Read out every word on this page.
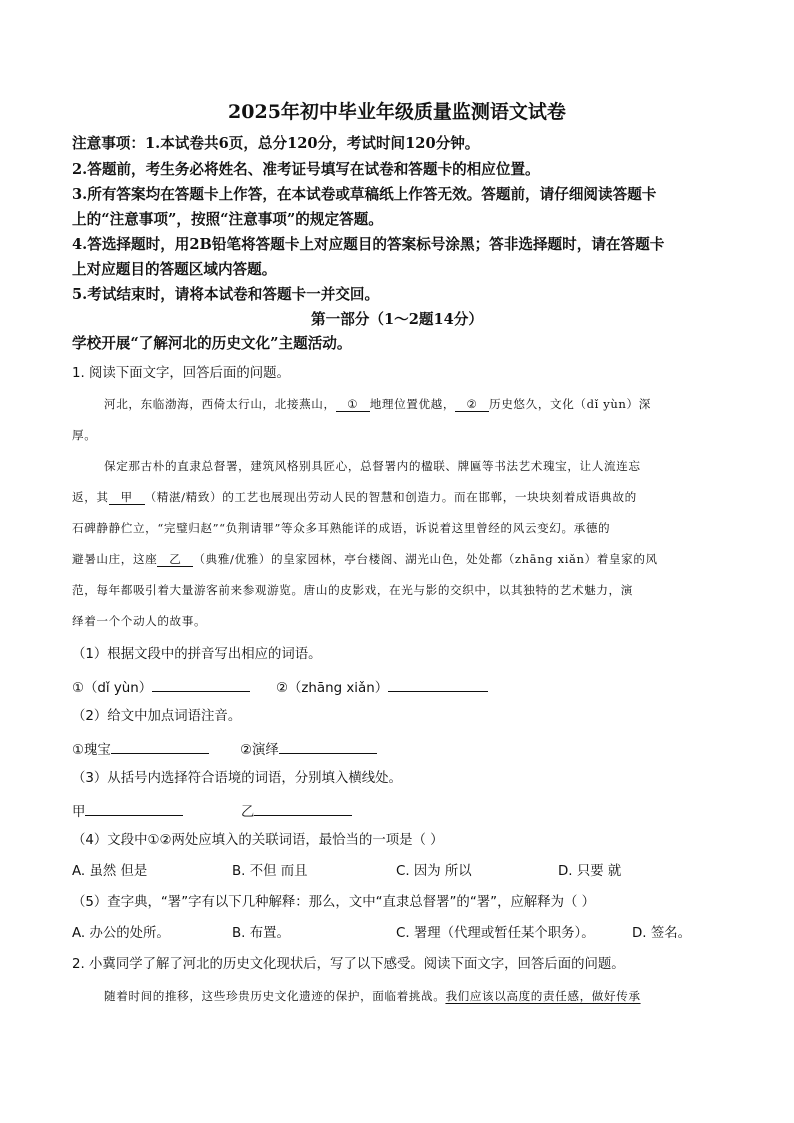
2025年初中毕业年级质量监测语文试卷
注意事项：1.本试卷共6页，总分120分，考试时间120分钟。
2.答题前，考生务必将姓名、准考证号填写在试卷和答题卡的相应位置。
3.所有答案均在答题卡上作答，在本试卷或草稿纸上作答无效。答题前，请仔细阅读答题卡
上的“注意事项”，按照“注意事项”的规定答题。
4.答选择题时，用2B铅笔将答题卡上对应题目的答案标号涂黑；答非选择题时，请在答题卡
上对应题目的答题区域内答题。
5.考试结束时，请将本试卷和答题卡一并交回。
第一部分（1～2题14分）
学校开展“了解河北的历史文化”主题活动。
1. 阅读下面文字，回答后面的问题。
河北，东临渤海，西倚太行山，北接燕山， ① 地理位置优越， ② 历史悠久，文化（dǐ yùn）深
厚。
保定那古朴的直隶总督署，建筑风格别具匠心，总督署内的楹联、牌匾等书法艺术瑰宝，让人流连忘
返，其 甲 （精湛/精致）的工艺也展现出劳动人民的智慧和创造力。而在邯郸，一块块刻着成语典故的
石碑静静伫立，“完璧归赵”“负荆请罪”等众多耳熟能详的成语，诉说着这里曾经的风云变幻。承德的
避暑山庄，这座 乙 （典雅/优雅）的皇家园林，亭台楼阁、湖光山色，处处都（zhāng xiǎn）着皇家的风
范，每年都吸引着大量游客前来参观游览。唐山的皮影戏，在光与影的交织中，以其独特的艺术魅力，演
绎着一个个动人的故事。
（1）根据文段中的拼音写出相应的词语。
①（dǐ yùn）	②（zhāng xiǎn）
（2）给文中加点词语注音。
①瑰宝	②演绎
（3）从括号内选择符合语境的词语，分别填入横线处。
甲	乙
（4）文段中①②两处应填入的关联词语，最恰当的一项是（ ）
A. 虽然 但是	B. 不但 而且	C. 因为 所以	D. 只要 就
（5）查字典，“署”字有以下几种解释：那么，文中“直隶总督署”的“署”，应解释为（ ）
A. 办公的处所。	B. 布置。	C. 署理（代理或暂任某个职务）。	D. 签名。
2. 小冀同学了解了河北的历史文化现状后，写了以下感受。阅读下面文字，回答后面的问题。
随着时间的推移，这些珍贵历史文化遗迹的保护，面临着挑战。我们应该以高度的责任感，做好传承
